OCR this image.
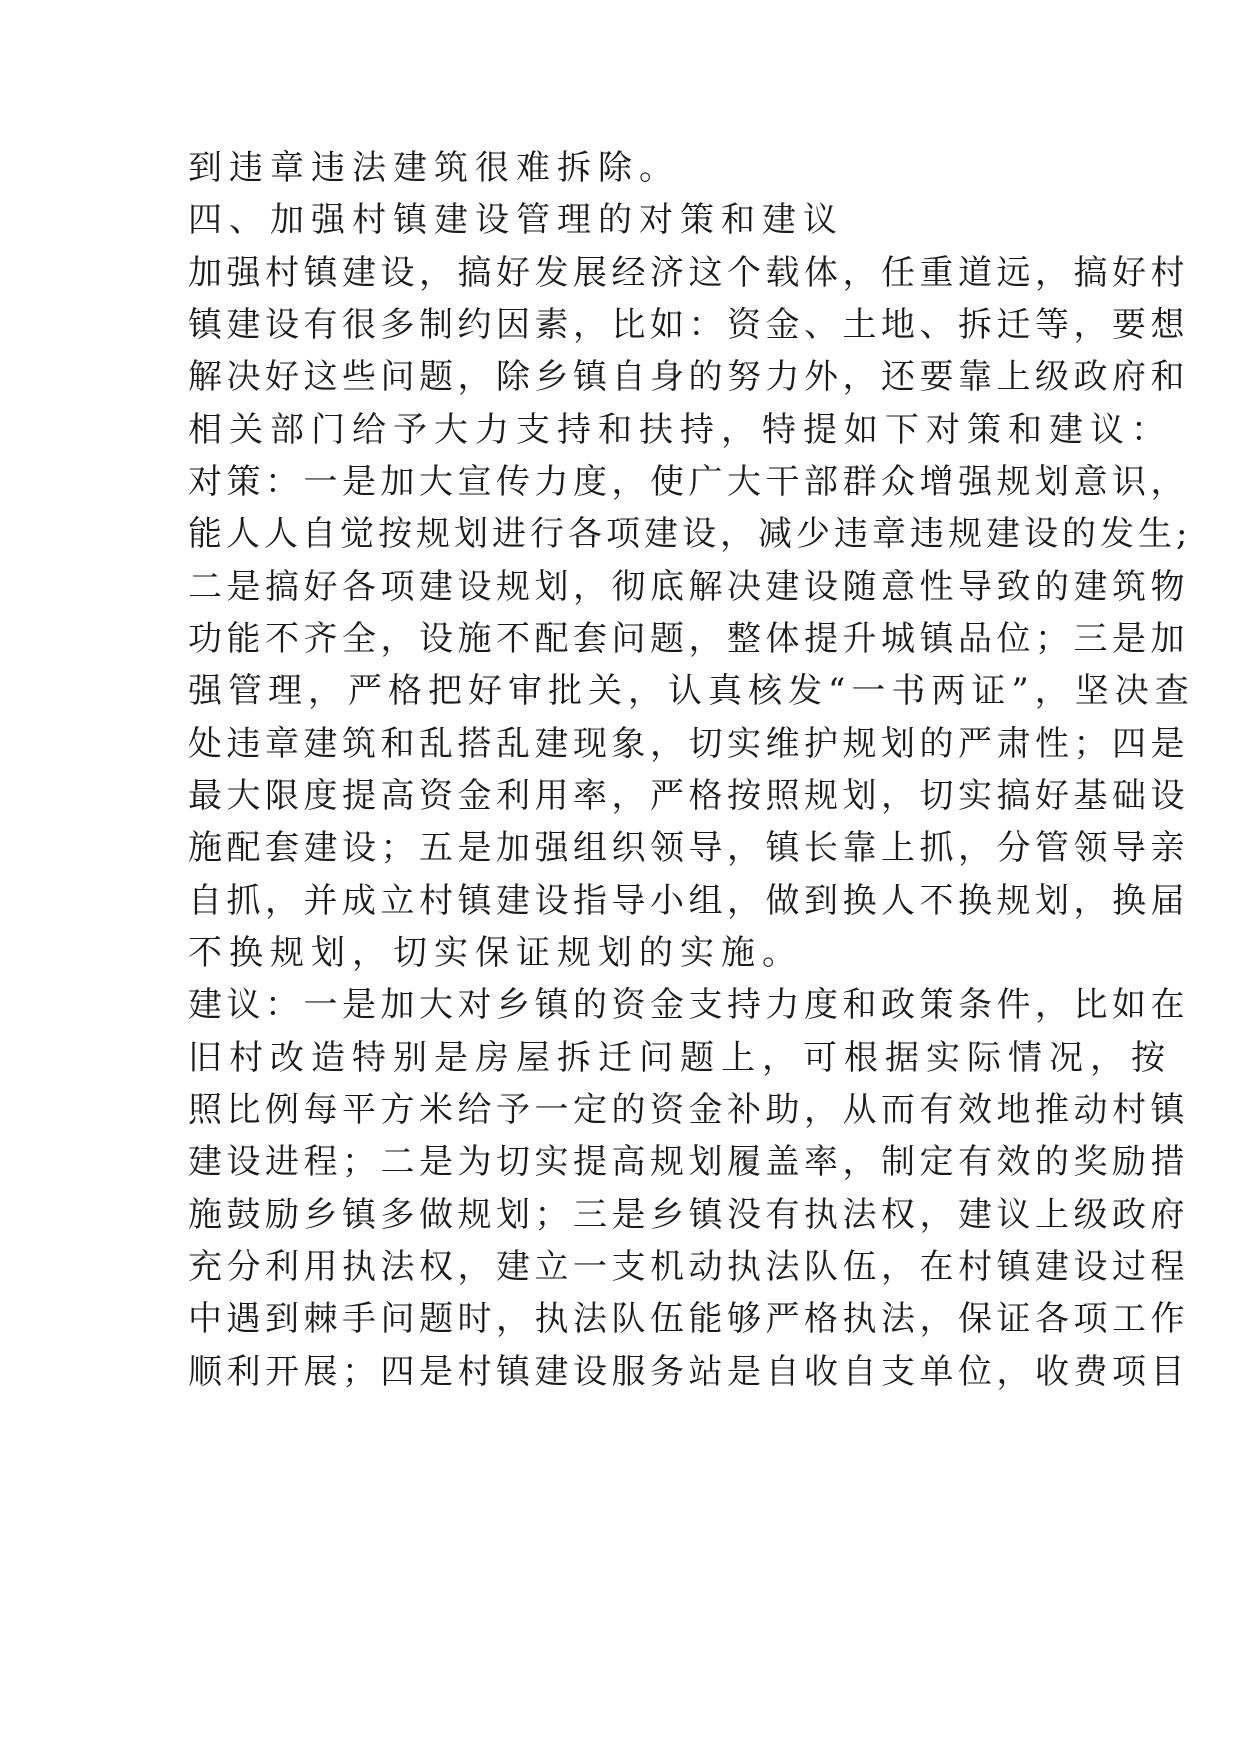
到违章违法建筑很难拆除。
四、加强村镇建设管理的对策和建议
加强村镇建设，搞好发展经济这个载体，任重道远，搞好村
镇建设有很多制约因素，比如：资金、土地、拆迁等，要想
解决好这些问题，除乡镇自身的努力外，还要靠上级政府和
相关部门给予大力支持和扶持，特提如下对策和建议：
对策：一是加大宣传力度，使广大干部群众增强规划意识，
能人人自觉按规划进行各项建设，减少违章违规建设的发生;
二是搞好各项建设规划，彻底解决建设随意性导致的建筑物
功能不齐全，设施不配套问题，整体提升城镇品位；三是加
强管理，严格把好审批关，认真核发“一书两证”，坚决查
处违章建筑和乱搭乱建现象，切实维护规划的严肃性；四是
最大限度提高资金利用率，严格按照规划，切实搞好基础设
施配套建设；五是加强组织领导，镇长靠上抓，分管领导亲
自抓，并成立村镇建设指导小组，做到换人不换规划，换届
不换规划，切实保证规划的实施。
建议：一是加大对乡镇的资金支持力度和政策条件，比如在
旧村改造特别是房屋拆迁问题上，可根据实际情况，按
照比例每平方米给予一定的资金补助，从而有效地推动村镇
建设进程；二是为切实提高规划履盖率，制定有效的奖励措
施鼓励乡镇多做规划；三是乡镇没有执法权，建议上级政府
充分利用执法权，建立一支机动执法队伍，在村镇建设过程
中遇到棘手问题时，执法队伍能够严格执法，保证各项工作
顺利开展；四是村镇建设服务站是自收自支单位，收费项目
